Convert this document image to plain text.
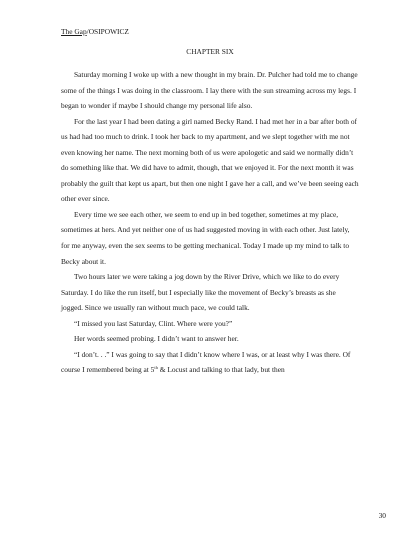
The Gap/OSIPOWICZ
CHAPTER SIX

Saturday morning I woke up with a new thought in my brain. Dr. Pulcher had told me to change some of the things I was doing in the classroom. I lay there with the sun streaming across my legs. I began to wonder if maybe I should change my personal life also.

For the last year I had been dating a girl named Becky Rand. I had met her in a bar after both of us had had too much to drink. I took her back to my apartment, and we slept together with me not even knowing her name. The next morning both of us were apologetic and said we normally didn’t do something like that. We did have to admit, though, that we enjoyed it. For the next month it was probably the guilt that kept us apart, but then one night I gave her a call, and we’ve been seeing each other ever since.

Every time we see each other, we seem to end up in bed together, sometimes at my place, sometimes at hers. And yet neither one of us had suggested moving in with each other. Just lately, for me anyway, even the sex seems to be getting mechanical. Today I made up my mind to talk to Becky about it.

Two hours later we were taking a jog down by the River Drive, which we like to do every Saturday. I do like the run itself, but I especially like the movement of Becky’s breasts as she jogged. Since we usually ran without much pace, we could talk.

“I missed you last Saturday, Clint. Where were you?”

Her words seemed probing. I didn’t want to answer her.

“I don’t. . .” I was going to say that I didn’t know where I was, or at least why I was there. Of course I remembered being at 5th & Locust and talking to that lady, but then

30
